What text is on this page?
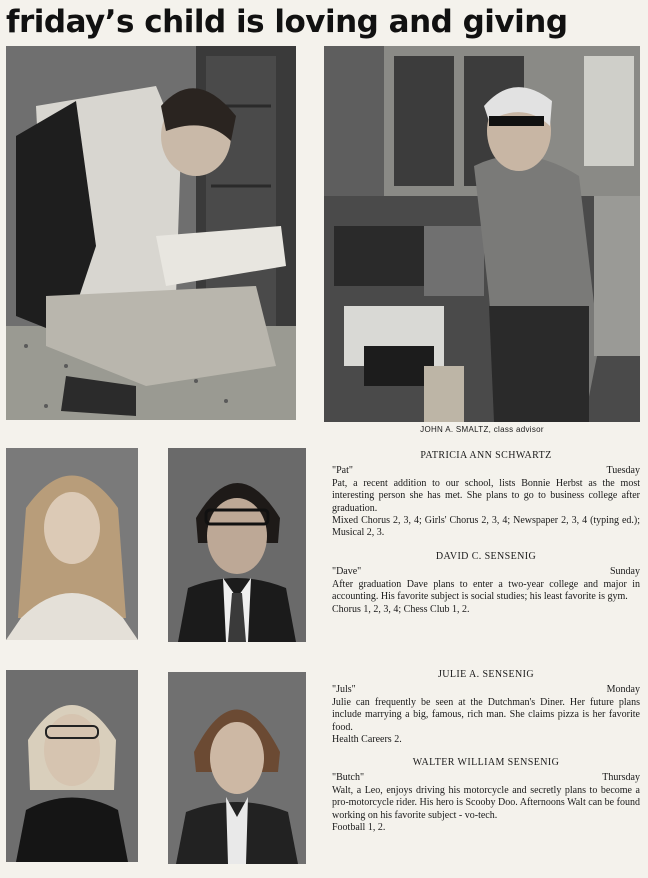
friday’s child is loving and giving
JOHN A. SMALTZ, class advisor
PATRICIA ANN SCHWARTZ
"Pat"	Tuesday

Pat, a recent addition to our school, lists Bonnie Herbst as the most interesting person she has met. She plans to go to business college after graduation.

Mixed Chorus 2, 3, 4; Girls' Chorus 2, 3, 4; Newspaper 2, 3, 4 (typing ed.); Musical 2, 3.

DAVID C. SENSENIG
"Dave"	Sunday

After graduation Dave plans to enter a two-year college and major in accounting. His favorite subject is social studies; his least favorite is gym.

Chorus 1, 2, 3, 4; Chess Club 1, 2.

JULIE A. SENSENIG
"Juls"	Monday

Julie can frequently be seen at the Dutchman's Diner. Her future plans include marrying a big, famous, rich man. She claims pizza is her favorite food.

Health Careers 2.

WALTER WILLIAM SENSENIG
"Butch"	Thursday

Walt, a Leo, enjoys driving his motorcycle and secretly plans to become a pro-motorcycle rider. His hero is Scooby Doo. Afternoons Walt can be found working on his favorite subject - vo-tech.

Football 1, 2.
